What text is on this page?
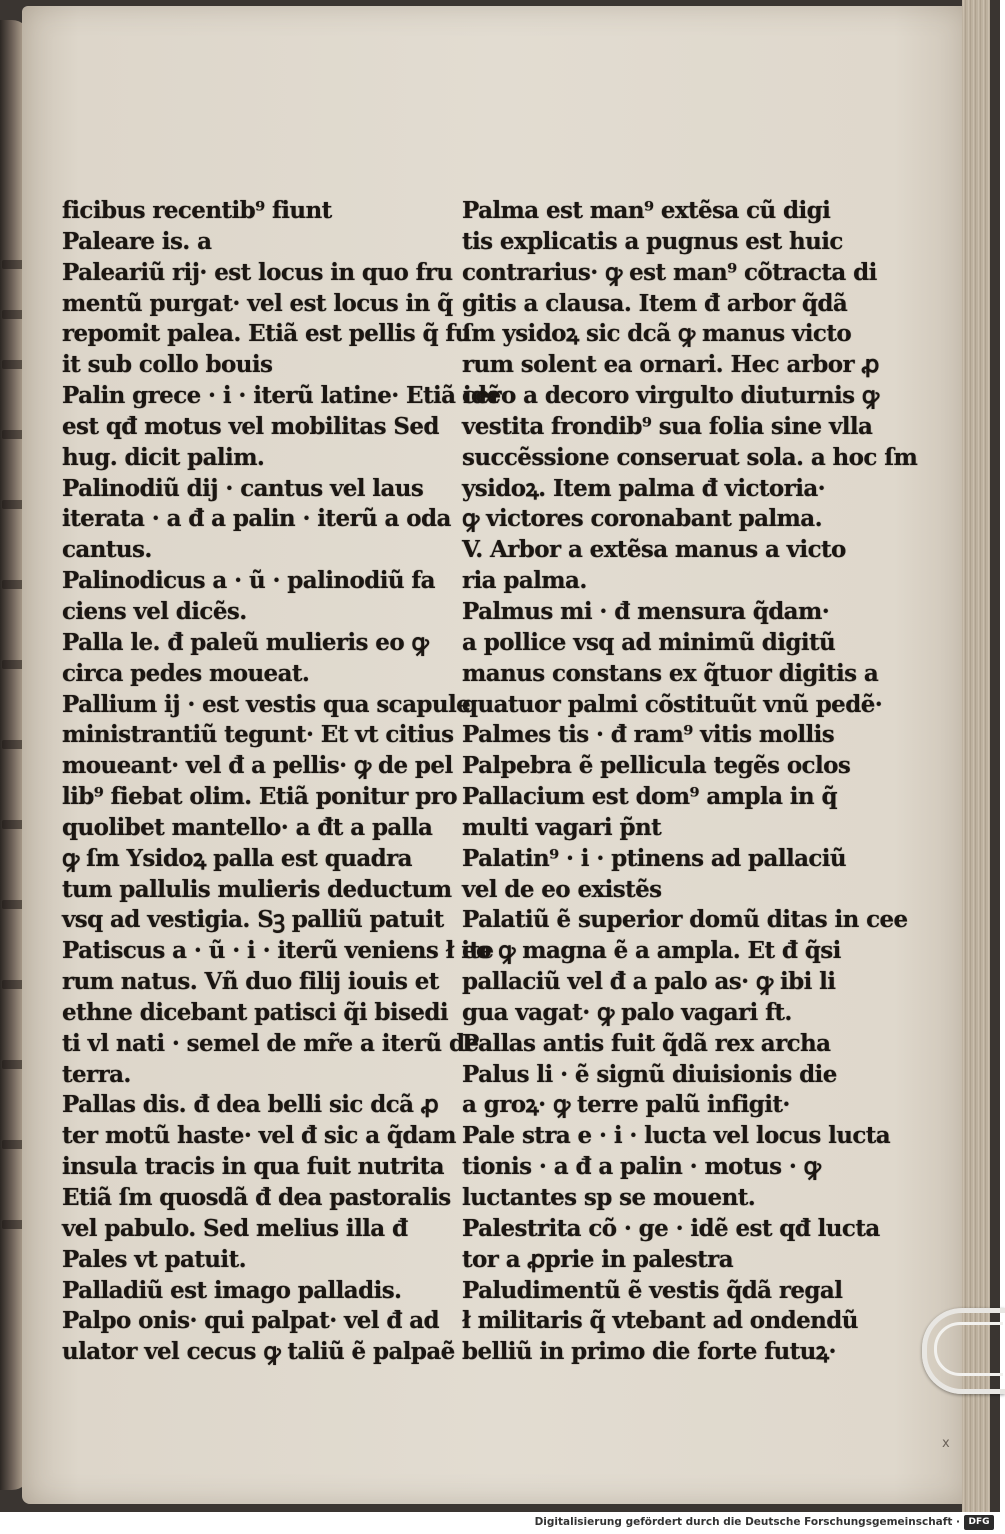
ficibus recentib⁹ fiunt
Paleare is. a
Paleariũ rij· est locus in quo fru
mentũ purgat· vel est locus in q̃
repomit palea. Etiã est pellis q̃ fu
it sub collo bouis
Palin grece · i · iterũ latine· Etiã idẽ
est qđ motus vel mobilitas Sed
hug. dicit palim.
Palinodiũ dij · cantus vel laus
iterata · a đ a palin · iterũ a oda
cantus.
Palinodicus a · ũ · palinodiũ fa
ciens vel dicẽs.
Palla le. đ paleũ mulieris eo ꝙ
circa pedes moueat.
Pallium ij · est vestis qua scapule
ministrantiũ tegunt· Et vt citius
moueant· vel đ a pellis· ꝙ de pel
lib⁹ fiebat olim. Etiã ponitur pro
quolibet mantello· a đt a palla
ꝙ ſm Ysidoꝝ palla est quadra
tum pallulis mulieris deductum
vsq ad vestigia. Sꝫ palliũ patuit
Patiscus a · ũ · i · iterũ veniens ł ite
rum natus. Vñ duo filij iouis et
ethne dicebant patisci q̃i bisedi
ti vl nati · semel de mr̃e a iterũ de
terra.
Pallas dis. đ dea belli sic dcã ꝓ
ter motũ haste· vel đ sic a q̃dam
insula tracis in qua fuit nutrita
Etiã ſm quosdã đ dea pastoralis
vel pabulo. Sed melius illa đ
Pales vt patuit.
Palladiũ est imago palladis.
Palpo onis· qui palpat· vel đ ad
ulator vel cecus ꝙ taliũ ẽ palpaẽ
Palma est man⁹ extẽsa cũ digi
tis explicatis a pugnus est huic
contrarius· ꝙ est man⁹ cõtracta di
gitis a clausa. Item đ arbor q̃dã
ſm ysidoꝝ sic dcã ꝙ manus victo
rum solent ea ornari. Hec arbor ꝓ
cero a decoro virgulto diuturnis ꝙ
vestita frondib⁹ sua folia sine vlla
succẽssione conseruat sola. a hoc ſm
ysidoꝝ. Item palma đ victoria·
ꝙ victores coronabant palma.
V. Arbor a extẽsa manus a victo
ria palma.
Palmus mi · đ mensura q̃dam·
a pollice vsq ad minimũ digitũ
manus constans ex q̃tuor digitis a
quatuor palmi cõstituũt vnũ pedẽ·
Palmes tis · đ ram⁹ vitis mollis
Palpebra ẽ pellicula tegẽs oclos
Pallacium est dom⁹ ampla in q̃
multi vagari p̃nt
Palatin⁹ · i · ptinens ad pallaciũ
vel de eo existẽs
Palatiũ ẽ superior domũ ditas in cee
eo ꝙ magna ẽ a ampla. Et đ q̃si
pallaciũ vel đ a palo as· ꝙ ibi li
gua vagat· ꝙ palo vagari ft.
Pallas antis fuit q̃dã rex archa
Palus li · ẽ signũ diuisionis die
a groꝝ· ꝙ terre palũ infigit·
Pale stra e · i · lucta vel locus lucta
tionis · a đ a palin · motus · ꝙ
luctantes sp se mouent.
Palestrita cõ · ge · idẽ est qđ lucta
tor a ꝓprie in palestra
Paludimentũ ẽ vestis q̃dã regal
ł militaris q̃ vtebant ad ondendũ
belliũ in primo die forte futuꝝ·
x
Digitalisierung gefördert durch die Deutsche Forschungsgemeinschaft · DFG
